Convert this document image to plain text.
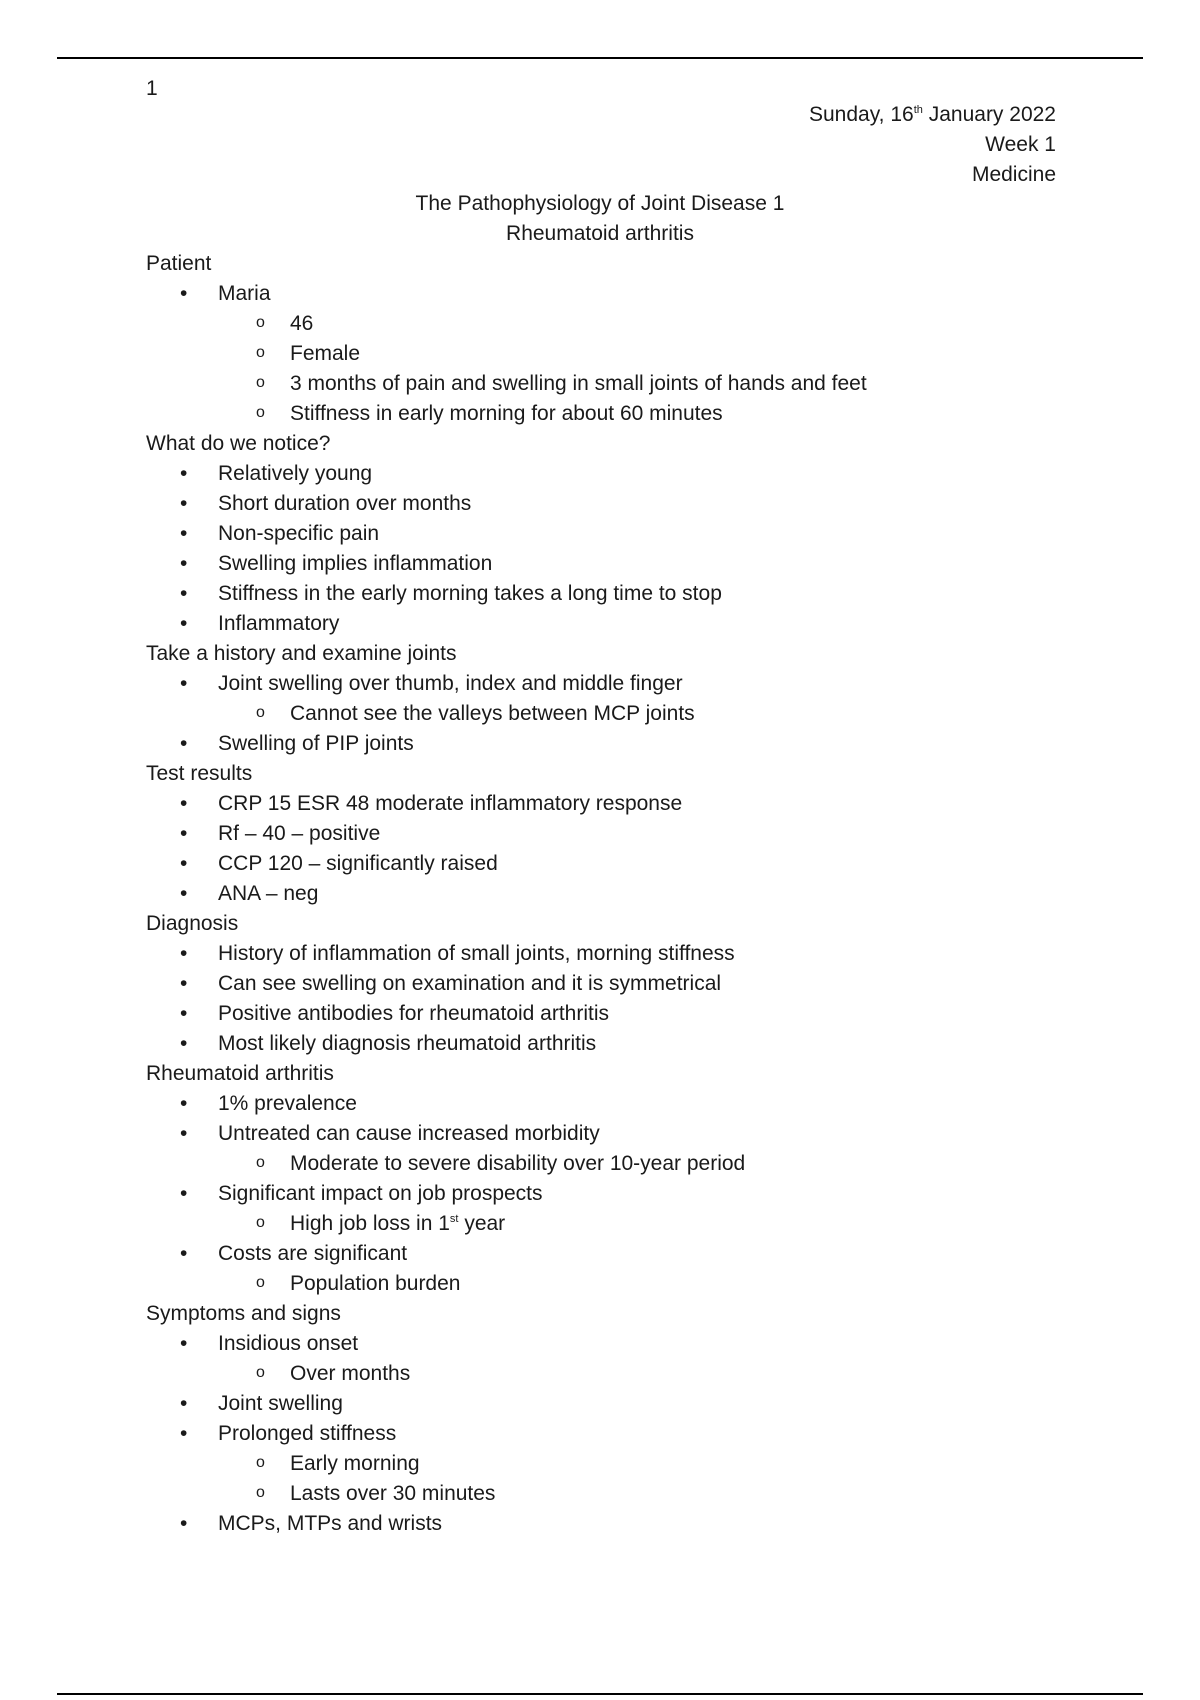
1
Sunday, 16th January 2022
Week 1
Medicine
The Pathophysiology of Joint Disease 1
Rheumatoid arthritis
Patient
• Maria
o 46
o Female
o 3 months of pain and swelling in small joints of hands and feet
o Stiffness in early morning for about 60 minutes
What do we notice?
• Relatively young
• Short duration over months
• Non-specific pain
• Swelling implies inflammation
• Stiffness in the early morning takes a long time to stop
• Inflammatory
Take a history and examine joints
• Joint swelling over thumb, index and middle finger
o Cannot see the valleys between MCP joints
• Swelling of PIP joints
Test results
• CRP 15 ESR 48 moderate inflammatory response
• Rf – 40 – positive
• CCP 120 – significantly raised
• ANA – neg
Diagnosis
• History of inflammation of small joints, morning stiffness
• Can see swelling on examination and it is symmetrical
• Positive antibodies for rheumatoid arthritis
• Most likely diagnosis rheumatoid arthritis
Rheumatoid arthritis
• 1% prevalence
• Untreated can cause increased morbidity
o Moderate to severe disability over 10-year period
• Significant impact on job prospects
o High job loss in 1st year
• Costs are significant
o Population burden
Symptoms and signs
• Insidious onset
o Over months
• Joint swelling
• Prolonged stiffness
o Early morning
o Lasts over 30 minutes
• MCPs, MTPs and wrists
